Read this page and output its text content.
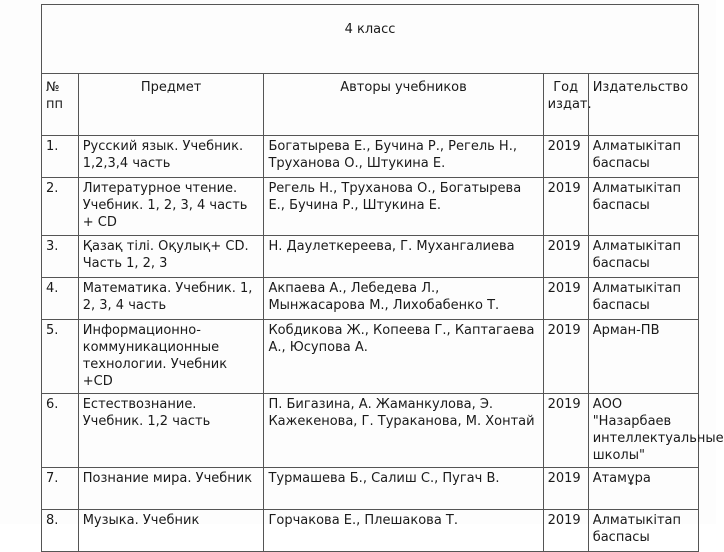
4 класс				
№ пп	Предмет	Авторы учебников	Год издат.	Издательство
1.	Русский язык. Учебник. 1,2,3,4 часть	Богатырева Е., Бучина Р., Регель Н., Труханова О., Штукина Е.	2019	Алматыкітап баспасы
2.	Литературное чтение. Учебник. 1, 2, 3, 4 часть + CD	Регель Н., Труханова О., Богатырева Е., Бучина Р., Штукина Е.	2019	Алматыкітап баспасы
3.	Қазақ тілі. Оқулық+ CD. Часть 1, 2, 3	Н. Даулеткереева, Г. Мухангалиева	2019	Алматыкітап баспасы
4.	Математика. Учебник. 1, 2, 3, 4 часть	Акпаева А., Лебедева Л., Мынжасарова М., Лихобабенко Т.	2019	Алматыкітап баспасы
5.	Информационно-коммуникационные технологии. Учебник +CD	Кобдикова Ж., Копеева Г., Каптагаева А., Юсупова А.	2019	Арман-ПВ
6.	Естествознание. Учебник. 1,2 часть	П. Бигазина, А. Жаманкулова, Э. Кажекенова, Г. Тураканова, М. Хонтай	2019	АОО "Назарбаев интеллектуальные школы"
7.	Познание мира. Учебник	Турмашева Б., Салиш С., Пугач В.	2019	Атамұра
8.	Музыка. Учебник	Горчакова Е., Плешакова Т.	2019	Алматыкітап баспасы
